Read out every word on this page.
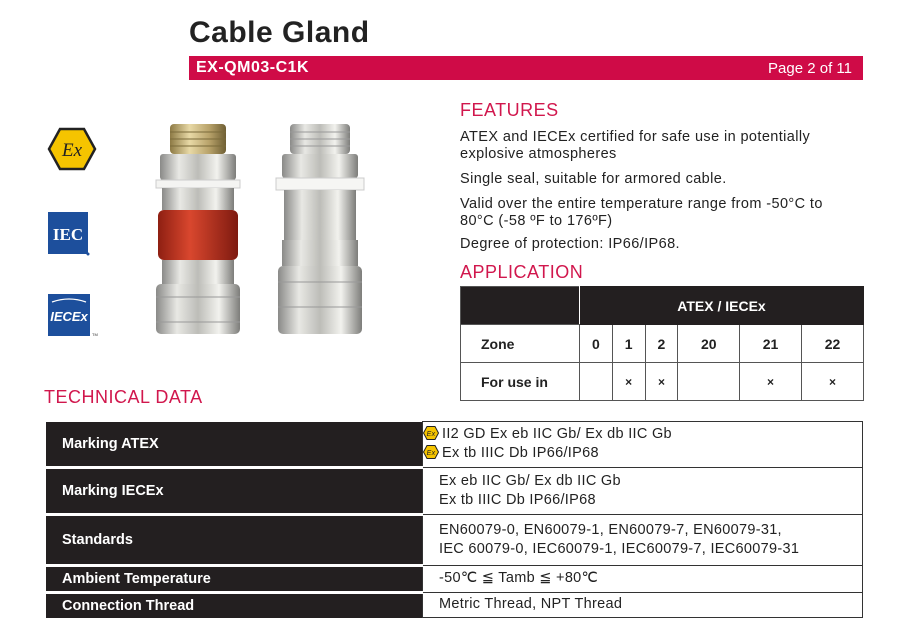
Cable Gland
EX-QM03-C1K	Page 2 of 11
Ex
IEC
IECEx
TM
FEATURES
ATEX and IECEx certified for safe use in potentially explosive atmospheres
Single seal, suitable for armored cable.
Valid over the entire temperature range from -50°C to 80°C (-58 ºF to 176ºF)
Degree of protection: IP66/IP68.
APPLICATION
	ATEX / IECEx					
Zone	0	1	2	20	21	22
For use in		×	×		×	×
TECHNICAL DATA
Marking ATEX	Ex II2 GD Ex eb IIC Gb/ Ex db IIC Gb
Ex Ex tb IIIC Db IP66/IP68

Marking IECEx	Ex eb IIC Gb/ Ex db IIC Gb
Ex tb IIIC Db IP66/IP68

Standards	EN60079-0, EN60079-1, EN60079-7, EN60079-31,
IEC 60079-0, IEC60079-1, IEC60079-7, IEC60079-31

Ambient Temperature	-50℃ ≦ Tamb ≦ +80℃
Connection Thread	Metric Thread, NPT Thread
